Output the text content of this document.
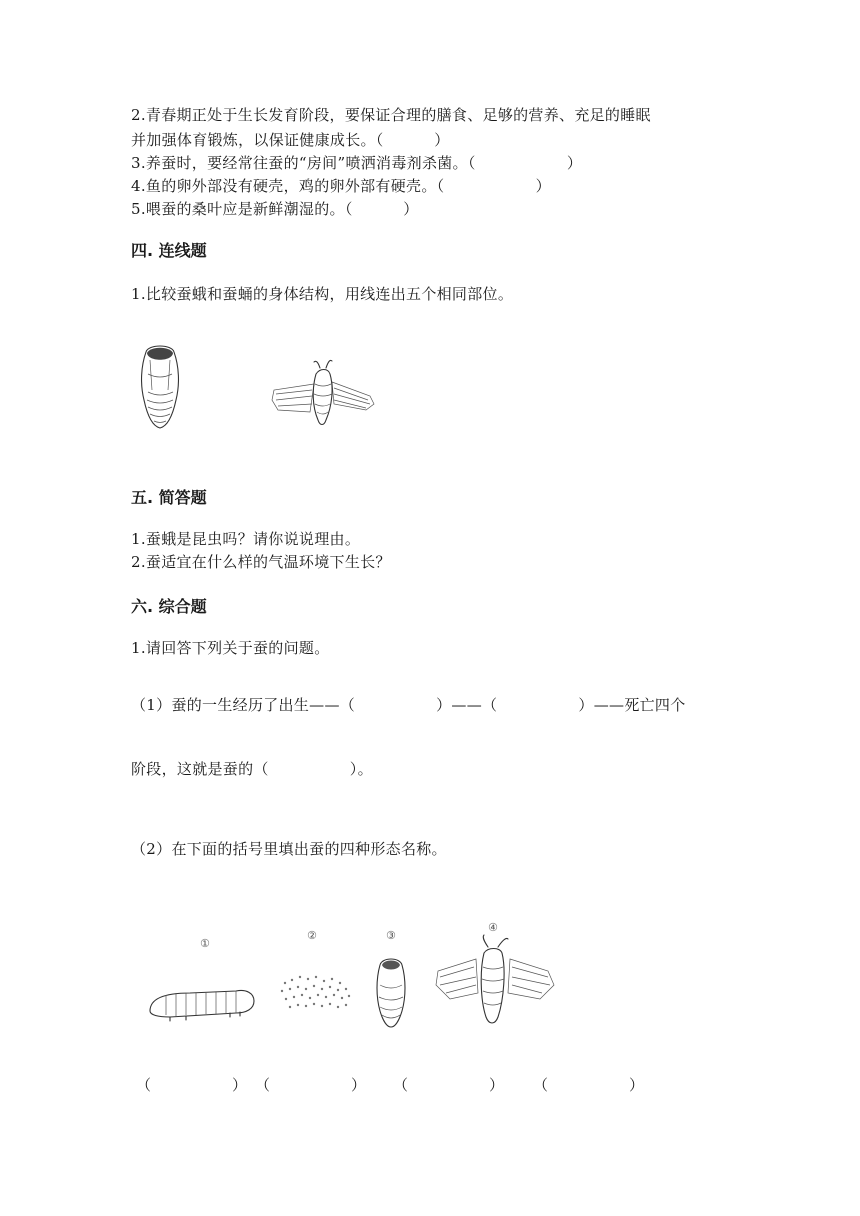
2.青春期正处于生长发育阶段，要保证合理的膳食、足够的营养、充足的睡眠
并加强体育锻炼，以保证健康成长。（          ）
3.养蚕时，要经常往蚕的“房间”喷洒消毒剂杀菌。（                  ）
4.鱼的卵外部没有硬壳，鸡的卵外部有硬壳。（                  ）
5.喂蚕的桑叶应是新鲜潮湿的。（          ）
四. 连线题
1.比较蚕蛾和蚕蛹的身体结构，用线连出五个相同部位。
五. 简答题
1.蚕蛾是昆虫吗？请你说说理由。
2.蚕适宜在什么样的气温环境下生长？
六. 综合题
1.请回答下列关于蚕的问题。
（1）蚕的一生经历了出生——（                ）——（                ）——死亡四个
阶段，这就是蚕的（                ）。
（2）在下面的括号里填出蚕的四种形态名称。
①
②	③
④
（                 ） （                 ） （                 ） （                 ）
